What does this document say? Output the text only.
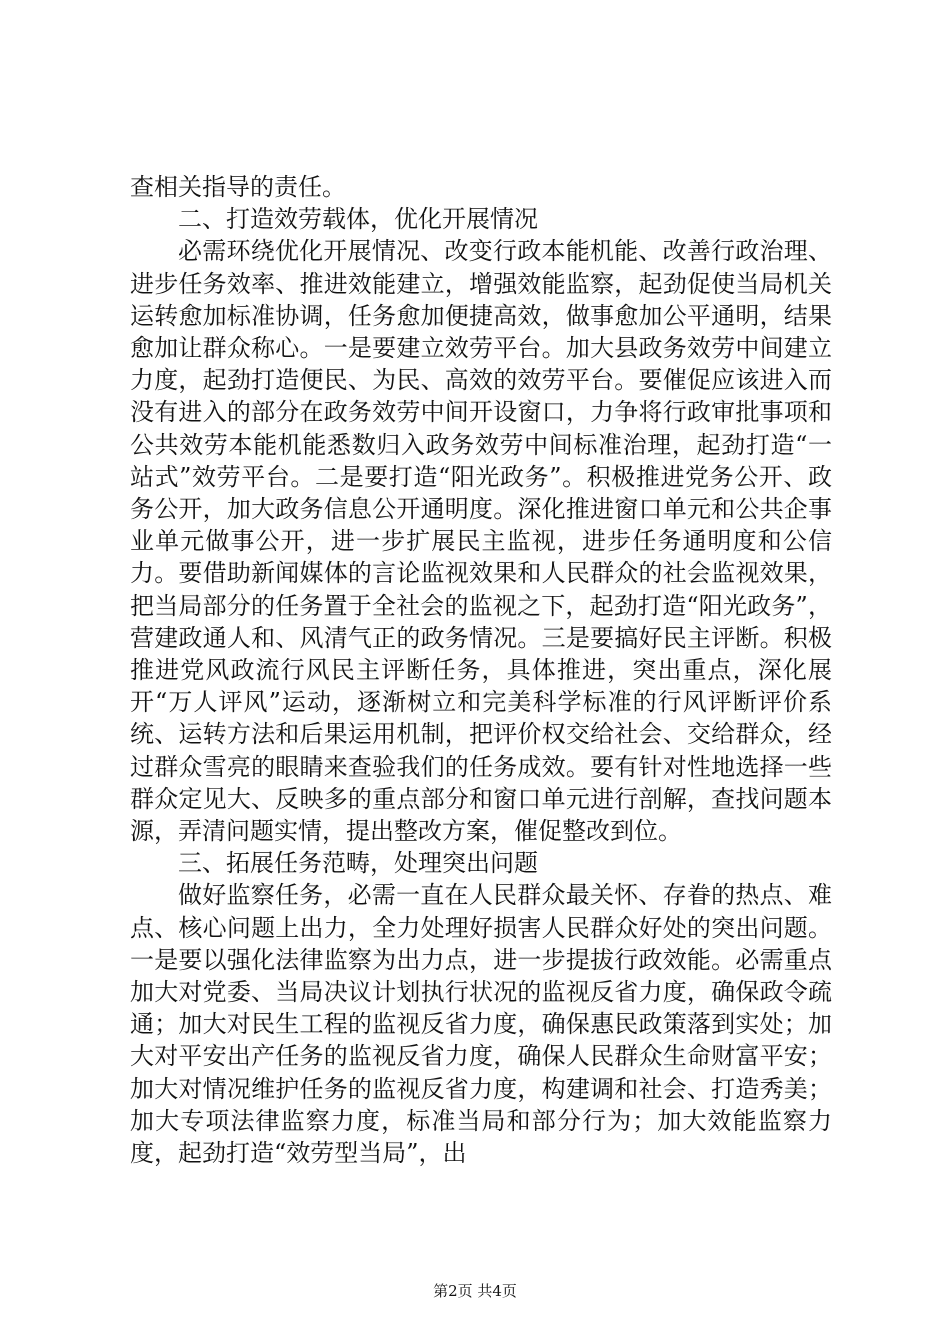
查相关指导的责任。

二、打造效劳载体，优化开展情况

必需环绕优化开展情况、改变行政本能机能、改善行政治理、进步任务效率、推进效能建立，增强效能监察，起劲促使当局机关运转愈加标准协调，任务愈加便捷高效，做事愈加公平通明，结果愈加让群众称心。一是要建立效劳平台。加大县政务效劳中间建立力度，起劲打造便民、为民、高效的效劳平台。要催促应该进入而没有进入的部分在政务效劳中间开设窗口，力争将行政审批事项和公共效劳本能机能悉数归入政务效劳中间标准治理，起劲打造“一站式”效劳平台。二是要打造“阳光政务”。积极推进党务公开、政务公开，加大政务信息公开通明度。深化推进窗口单元和公共企事业单元做事公开，进一步扩展民主监视，进步任务通明度和公信力。要借助新闻媒体的言论监视效果和人民群众的社会监视效果，把当局部分的任务置于全社会的监视之下，起劲打造“阳光政务”，营建政通人和、风清气正的政务情况。三是要搞好民主评断。积极推进党风政流行风民主评断任务，具体推进，突出重点，深化展开“万人评风”运动，逐渐树立和完美科学标准的行风评断评价系统、运转方法和后果运用机制，把评价权交给社会、交给群众，经过群众雪亮的眼睛来查验我们的任务成效。要有针对性地选择一些群众定见大、反映多的重点部分和窗口单元进行剖解，查找问题本源，弄清问题实情，提出整改方案，催促整改到位。

三、拓展任务范畴，处理突出问题

做好监察任务，必需一直在人民群众最关怀、存眷的热点、难点、核心问题上出力，全力处理好损害人民群众好处的突出问题。一是要以强化法律监察为出力点，进一步提拔行政效能。必需重点加大对党委、当局决议计划执行状况的监视反省力度，确保政令疏通；加大对民生工程的监视反省力度，确保惠民政策落到实处；加大对平安出产任务的监视反省力度，确保人民群众生命财富平安；加大对情况维护任务的监视反省力度，构建调和社会、打造秀美；加大专项法律监察力度，标准当局和部分行为；加大效能监察力度，起劲打造“效劳型当局”，出

第2页 共4页
